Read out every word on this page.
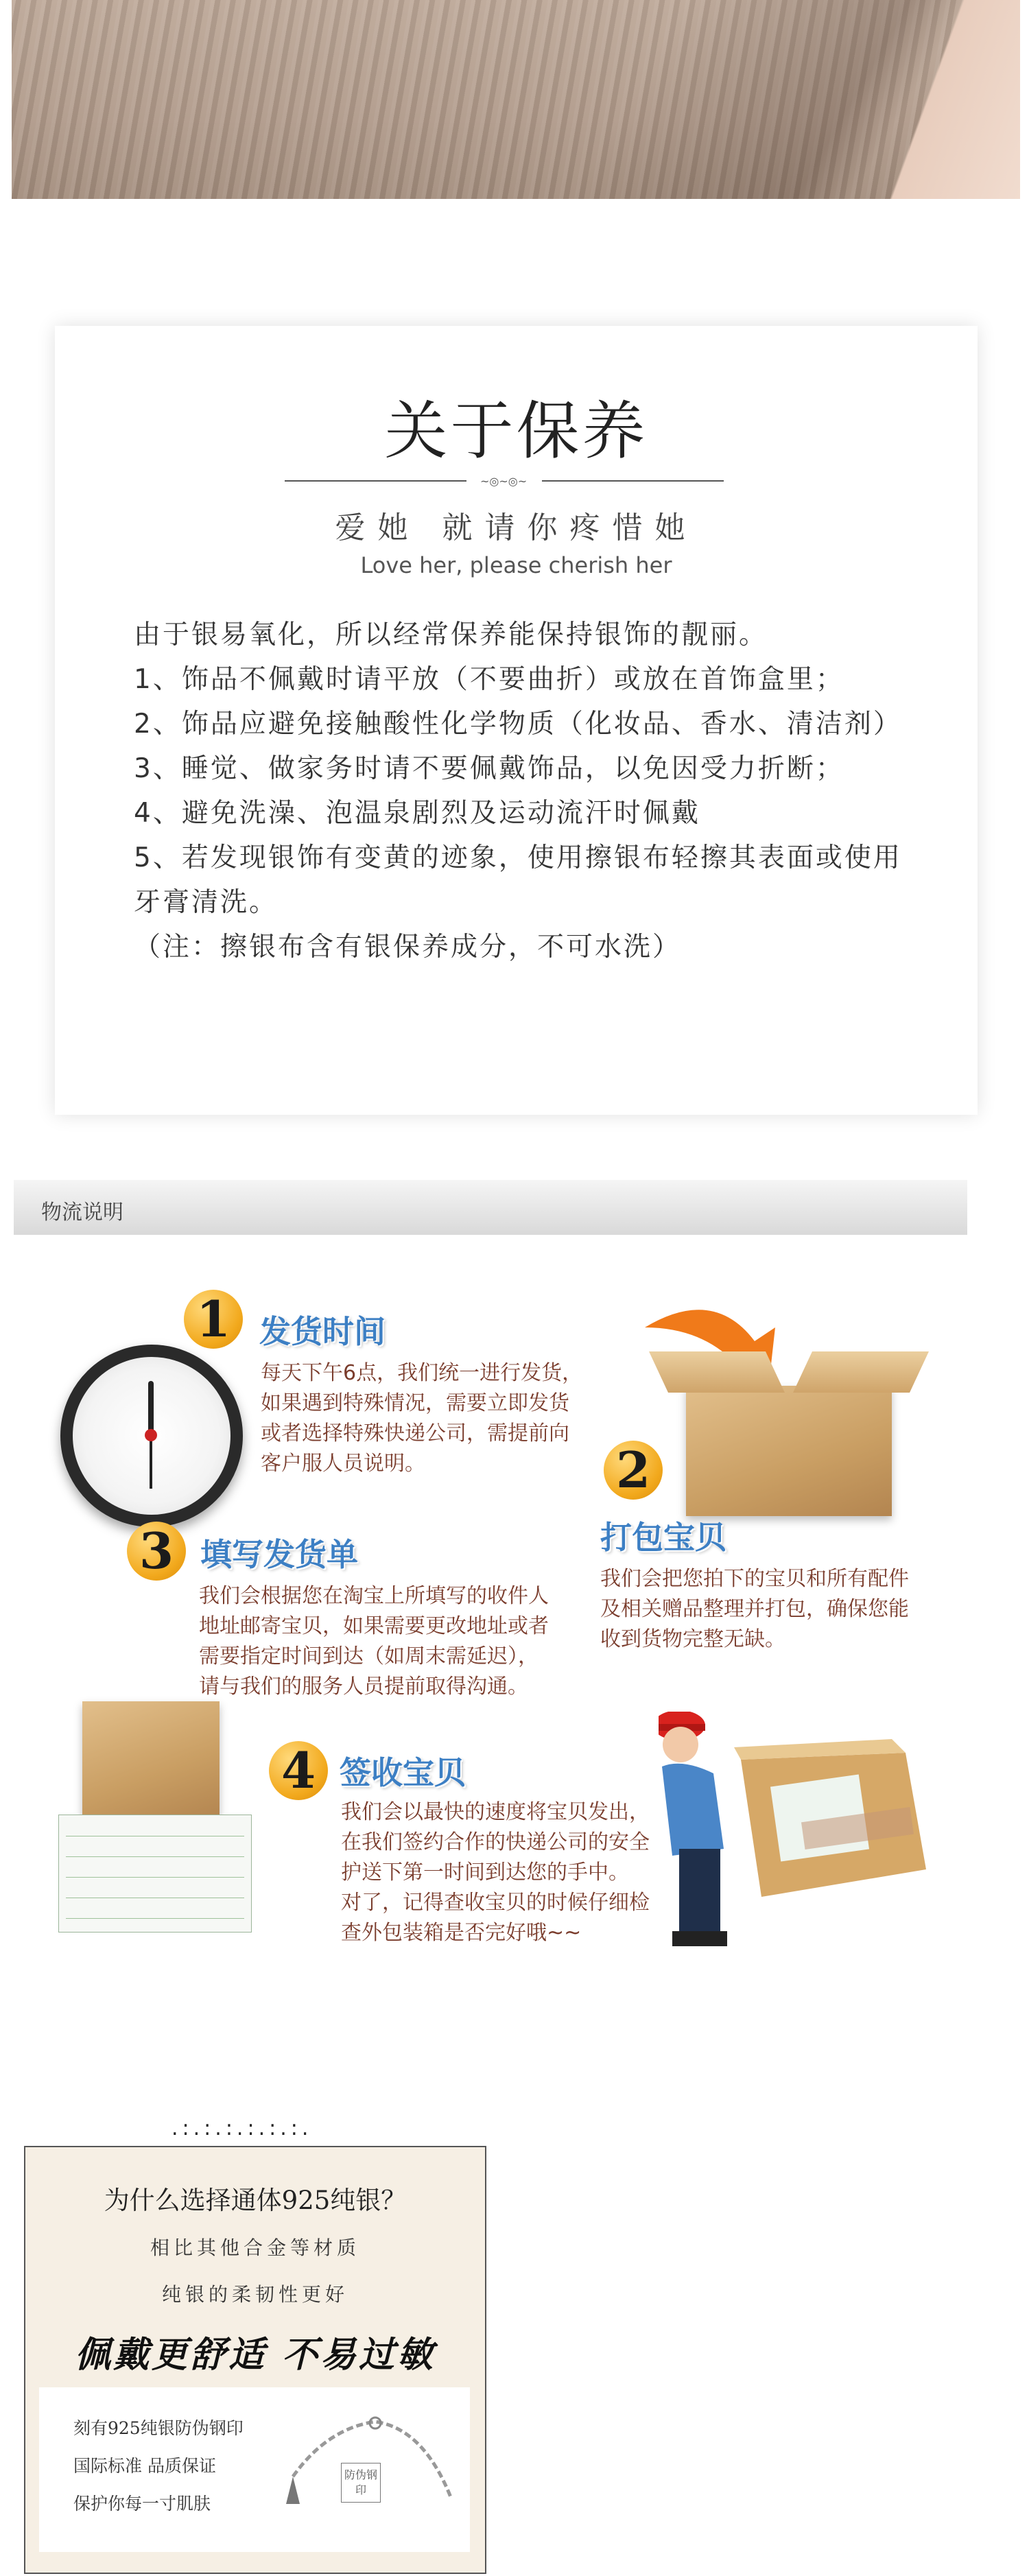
关于保养
~◎~◎~
爱她 就请你疼惜她
Love her, please cherish her
由于银易氧化，所以经常保养能保持银饰的靓丽。
1、饰品不佩戴时请平放（不要曲折）或放在首饰盒里；
2、饰品应避免接触酸性化学物质（化妆品、香水、清洁剂）
3、睡觉、做家务时请不要佩戴饰品，以免因受力折断；
4、避免洗澡、泡温泉剧烈及运动流汗时佩戴
5、若发现银饰有变黄的迹象，使用擦银布轻擦其表面或使用牙膏清洗。
（注：擦银布含有银保养成分，不可水洗）
物流说明
1 发货时间
每天下午6点，我们统一进行发货，
如果遇到特殊情况，需要立即发货
或者选择特殊快递公司，需提前向
客户服人员说明。	2
打包宝贝
我们会把您拍下的宝贝和所有配件
及相关赠品整理并打包，确保您能
收到货物完整无缺。
3 填写发货单
我们会根据您在淘宝上所填写的收件人
地址邮寄宝贝，如果需要更改地址或者
需要指定时间到达（如周末需延迟），
请与我们的服务人员提前取得沟通。
4 签收宝贝
我们会以最快的速度将宝贝发出，
在我们签约合作的快递公司的安全
护送下第一时间到达您的手中。
对了，记得查收宝贝的时候仔细检
查外包装箱是否完好哦~~
.:.:.:.:.:.:.
为什么选择通体925纯银？
相比其他合金等材质
纯银的柔韧性更好
佩戴更舒适 不易过敏
刻有925纯银防伪钢印
国际标准 品质保证
保护你每一寸肌肤
防伪钢印
